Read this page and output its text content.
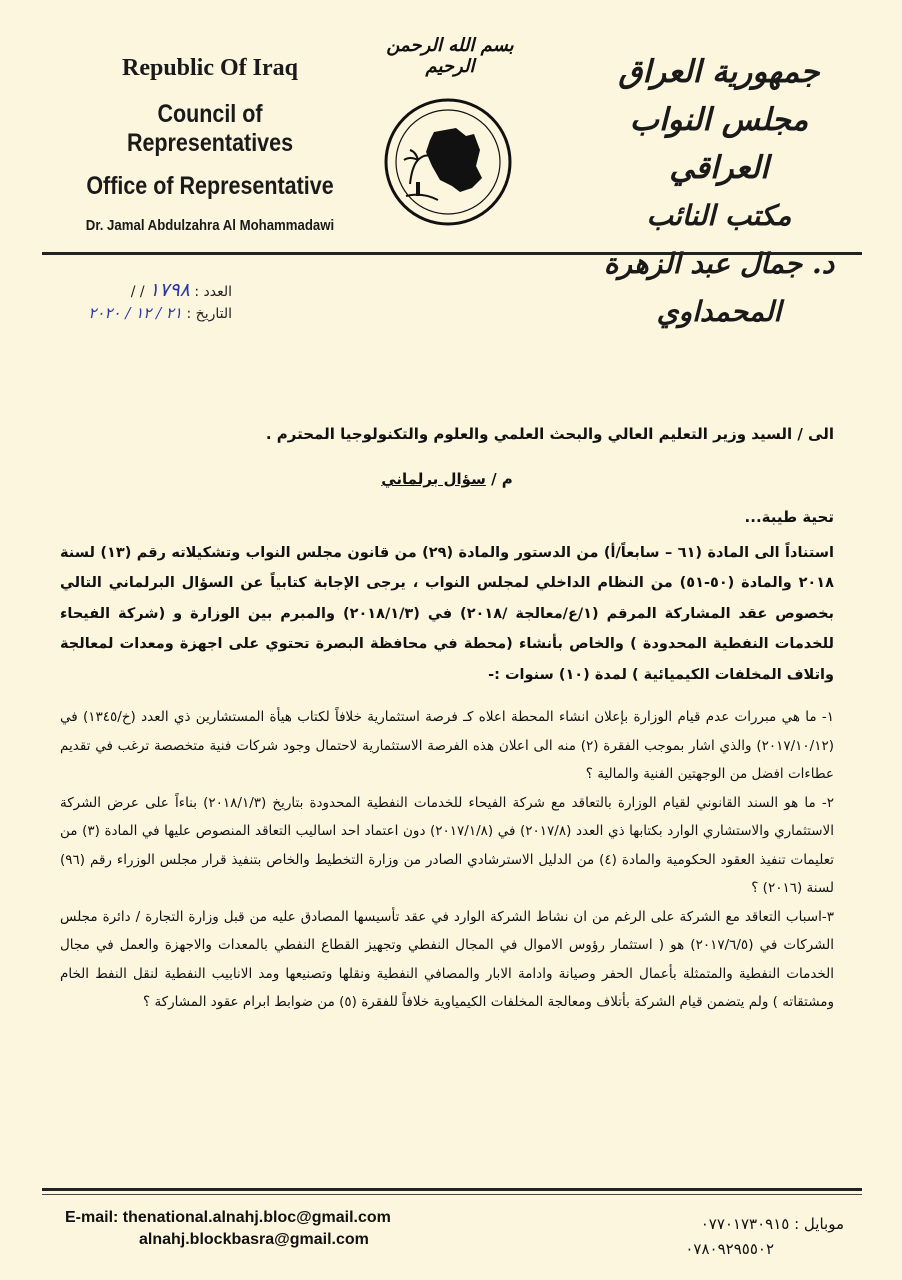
Republic Of Iraq
Council of Representatives
Office of Representative
Dr. Jamal Abdulzahra Al Mohammadawi
بسم الله الرحمن الرحيم	جمهورية العراق
مجلس النواب العراقي
مكتب النائب
د. جمال عبد الزهرة المحمداوي
العدد : ١٧٩٨ / /
التاريخ : ٢١ / ١٢ / ٢٠٢٠
الى / السيد وزير التعليم العالي والبحث العلمي والعلوم والتكنولوجيا المحترم .
م / سؤال برلماني
تحية طيبة...
استناداً الى المادة (٦١ – سابعاً/أ) من الدستور والمادة (٢٩) من قانون مجلس النواب وتشكيلاته رقم (١٣) لسنة ٢٠١٨ والمادة (٥٠-٥١) من النظام الداخلي لمجلس النواب ، يرجى الإجابة كتابياً عن السؤال البرلماني التالي بخصوص عقد المشاركة المرقم (١/ع/معالجة /٢٠١٨) في (٢٠١٨/١/٣) والمبرم بين الوزارة و (شركة الفيحاء للخدمات النفطية المحدودة ) والخاص بأنشاء (محطة في محافظة البصرة تحتوي على اجهزة ومعدات لمعالجة واتلاف المخلفات الكيميائية ) لمدة (١٠) سنوات :-
١- ما هي مبررات عدم قيام الوزارة بإعلان انشاء المحطة اعلاه كـ فرصة استثمارية خلافاً لكتاب هيأة المستشارين ذي العدد (خ/١٣٤٥) في (٢٠١٧/١٠/١٢) والذي اشار بموجب الفقرة (٢) منه الى اعلان هذه الفرصة الاستثمارية لاحتمال وجود شركات فنية متخصصة ترغب في تقديم عطاءات افضل من الوجهتين الفنية والمالية ؟
٢- ما هو السند القانوني لقيام الوزارة بالتعاقد مع شركة الفيحاء للخدمات النفطية المحدودة بتاريخ (٢٠١٨/١/٣) بناءاً على عرض الشركة الاستثماري والاستشاري الوارد بكتابها ذي العدد (٢٠١٧/٨) في (٢٠١٧/١/٨) دون اعتماد احد اساليب التعاقد المنصوص عليها في المادة (٣) من تعليمات تنفيذ العقود الحكومية والمادة (٤) من الدليل الاسترشادي الصادر من وزارة التخطيط والخاص بتنفيذ قرار مجلس الوزراء رقم (٩٦) لسنة (٢٠١٦) ؟
٣-اسباب التعاقد مع الشركة على الرغم من ان نشاط الشركة الوارد في عقد تأسيسها المصادق عليه من قبل وزارة التجارة / دائرة مجلس الشركات في (٢٠١٧/٦/٥) هو ( استثمار رؤوس الاموال في المجال النفطي وتجهيز القطاع النفطي بالمعدات والاجهزة والعمل في مجال الخدمات النفطية والمتمثلة بأعمال الحفر وصيانة وادامة الابار والمصافي النفطية ونقلها وتصنيعها ومد الانابيب النفطية لنقل النفط الخام ومشتقاته ) ولم يتضمن قيام الشركة بأتلاف ومعالجة المخلفات الكيمياوية خلافاً للفقرة (٥) من ضوابط ابرام عقود المشاركة ؟
E-mail: thenational.alnahj.bloc@gmail.com
alnahj.blockbasra@gmail.com
موبايل : ٠٧٧٠١٧٣٠٩١٥
٠٧٨٠٩٢٩٥٥٠٢
